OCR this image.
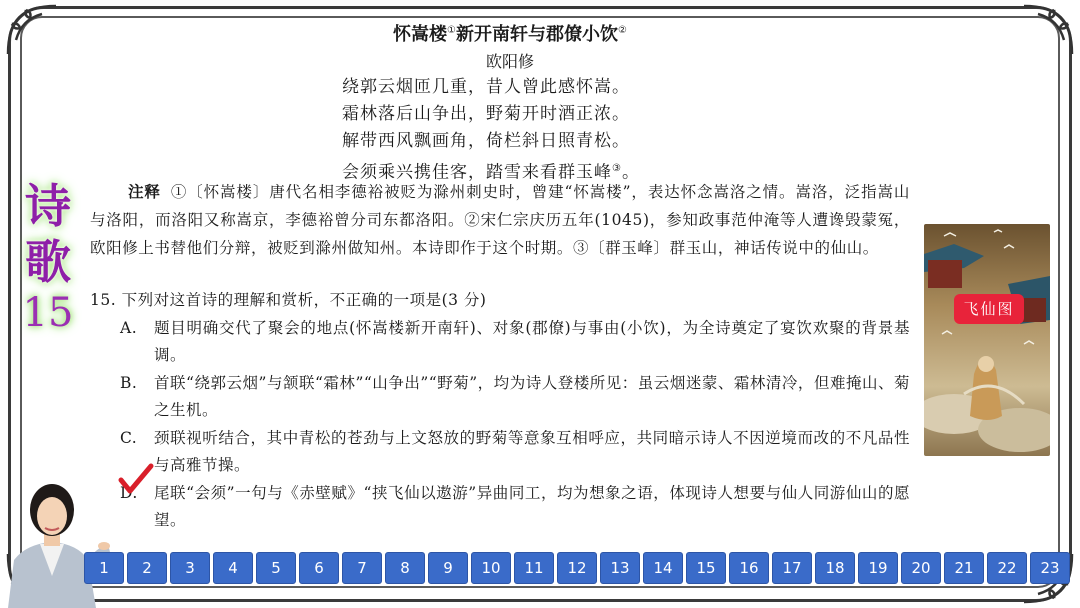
诗
歌
15
怀嵩楼①新开南轩与郡僚小饮②
欧阳修
绕郭云烟匝几重，昔人曾此感怀嵩。
霜林落后山争出，野菊开时酒正浓。
解带西风飘画角，倚栏斜日照青松。
会须乘兴携佳客，踏雪来看群玉峰③。
注释 ①〔怀嵩楼〕唐代名相李德裕被贬为滁州刺史时，曾建“怀嵩楼”，表达怀念嵩洛之情。嵩洛，泛指嵩山与洛阳，而洛阳又称嵩京，李德裕曾分司东都洛阳。②宋仁宗庆历五年(1045)，参知政事范仲淹等人遭谗毁蒙冤，欧阳修上书替他们分辩，被贬到滁州做知州。本诗即作于这个时期。③〔群玉峰〕群玉山，神话传说中的仙山。
15. 下列对这首诗的理解和赏析，不正确的一项是(3 分)
A.	题目明确交代了聚会的地点(怀嵩楼新开南轩)、对象(郡僚)与事由(小饮)，为全诗奠定了宴饮欢聚的背景基调。
B.	首联“绕郭云烟”与颔联“霜林”“山争出”“野菊”，均为诗人登楼所见：虽云烟迷蒙、霜林清冷，但难掩山、菊之生机。
C.	颈联视听结合，其中青松的苍劲与上文怒放的野菊等意象互相呼应，共同暗示诗人不因逆境而改的不凡品性与高雅节操。
D.	尾联“会须”一句与《赤壁赋》“挟飞仙以遨游”异曲同工，均为想象之语，体现诗人想要与仙人同游仙山的愿望。
飞仙图
1	2	3	4	5	6	7	8	9	10	11	12	13	14	15	16	17	18	19	20	21	22	23
